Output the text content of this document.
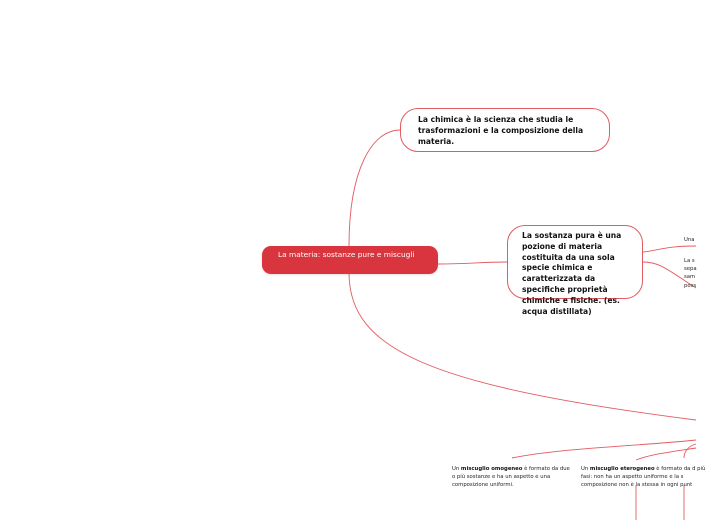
La materia: sostanze pure e miscugli
La chimica è la scienza che studia le trasformazioni e la composizione della materia.
La sostanza pura è una pozione di materia costituita da una sola specie chimica e caratterizzata da specifiche proprietà chimiche e fisiche. (es. acqua distillata)
Una
La s
sepa
sam
poss
Un miscuglio omogeneo è formato da due o più sostanze e ha un aspetto e una composizione uniformi.
Un miscuglio eterogeneo è formato da d più fasi: non ha un aspetto uniforme e la s composizione non è la stessa in ogni punt
